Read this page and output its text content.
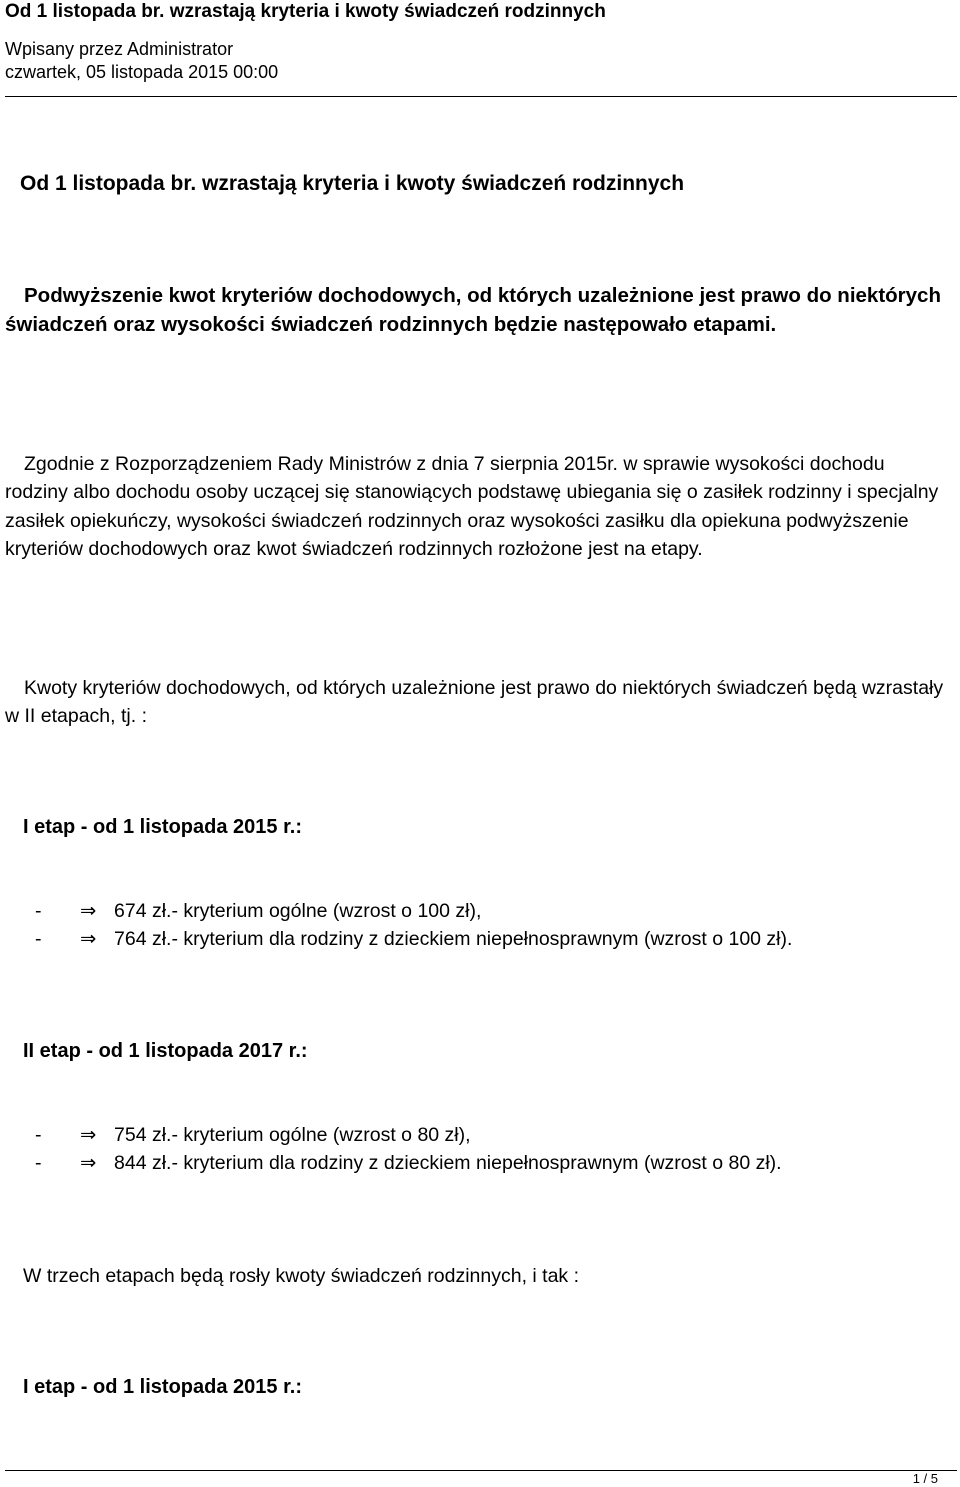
Od 1 listopada br. wzrastają kryteria i kwoty świadczeń rodzinnych
Wpisany przez Administrator
czwartek, 05 listopada 2015 00:00
Od 1 listopada br. wzrastają kryteria i kwoty świadczeń rodzinnych

Podwyższenie kwot kryteriów dochodowych, od których uzależnione jest prawo do niektórych świadczeń oraz wysokości świadczeń rodzinnych będzie następowało etapami.

Zgodnie z Rozporządzeniem Rady Ministrów z dnia 7 sierpnia 2015r. w sprawie wysokości dochodu rodziny albo dochodu osoby uczącej się stanowiących podstawę ubiegania się o zasiłek rodzinny i specjalny zasiłek opiekuńczy, wysokości świadczeń rodzinnych oraz wysokości zasiłku dla opiekuna podwyższenie kryteriów dochodowych oraz kwot świadczeń rodzinnych rozłożone jest na etapy.

Kwoty kryteriów dochodowych, od których uzależnione jest prawo do niektórych świadczeń będą wzrastały w II etapach, tj. :

I etap - od 1 listopada 2015 r.:
- ⇒ 674 zł.- kryterium ogólne (wzrost o 100 zł),
- ⇒ 764 zł.- kryterium dla rodziny z dzieckiem niepełnosprawnym (wzrost o 100 zł).
II etap - od 1 listopada 2017 r.:
- ⇒ 754 zł.- kryterium ogólne (wzrost o 80 zł),
- ⇒ 844 zł.- kryterium dla rodziny z dzieckiem niepełnosprawnym (wzrost o 80 zł).

W trzech etapach będą rosły kwoty świadczeń rodzinnych, i tak :

I etap - od 1 listopada 2015 r.:
1 / 5
